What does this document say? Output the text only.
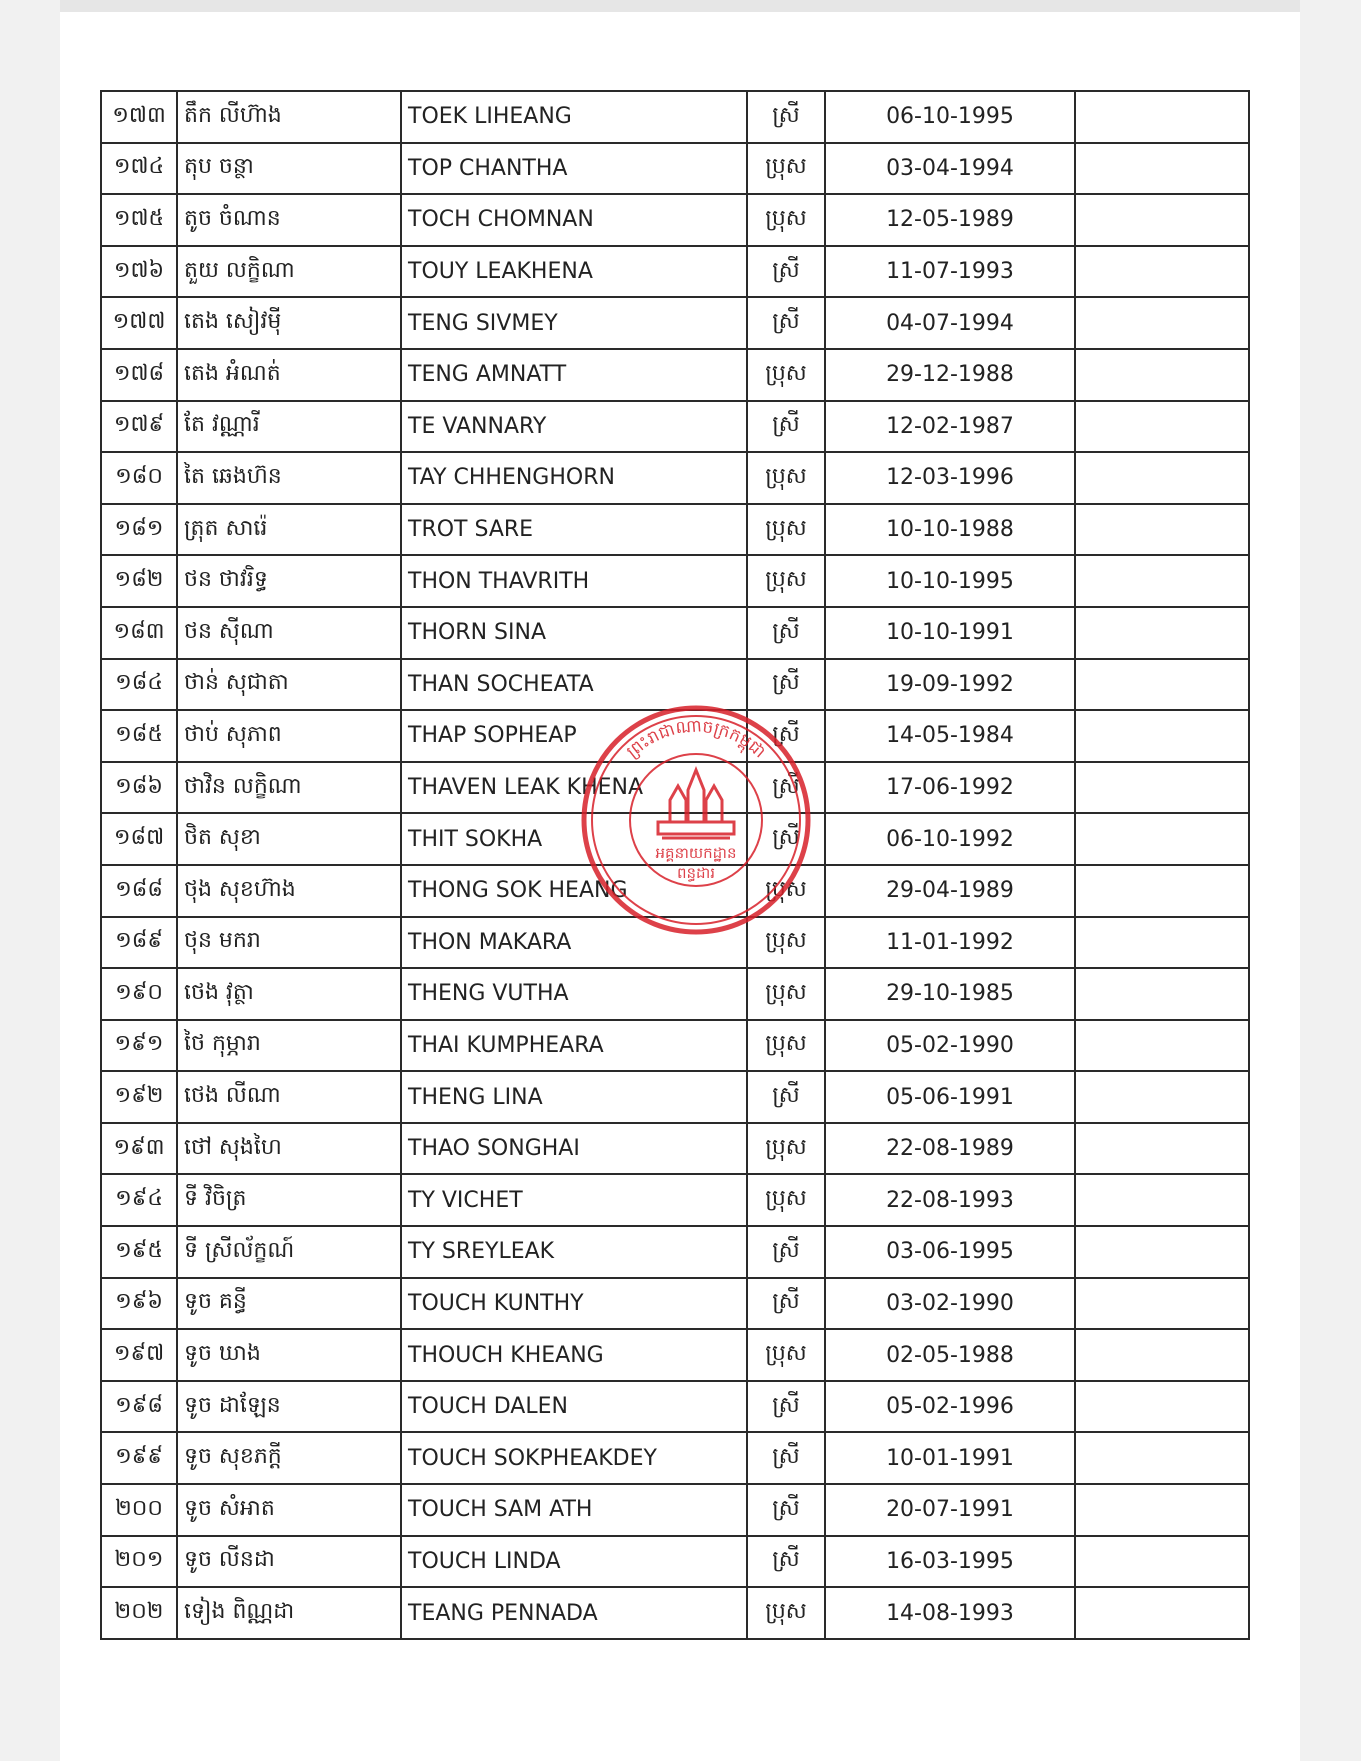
១៧៣	តឹក លីហ៊ាង	TOEK LIHEANG	ស្រី	06-10-1995	
១៧៤	តុប ចន្ថា	TOP CHANTHA	ប្រុស	03-04-1994	
១៧៥	តូច ចំណាន	TOCH CHOMNAN	ប្រុស	12-05-1989	
១៧៦	តួយ លក្ខិណា	TOUY LEAKHENA	ស្រី	11-07-1993	
១៧៧	តេង សៀវម៉ី	TENG SIVMEY	ស្រី	04-07-1994	
១៧៨	តេង អំណត់	TENG AMNATT	ប្រុស	29-12-1988	
១៧៩	តែ វណ្ណារី	TE VANNARY	ស្រី	12-02-1987	
១៨០	តៃ ឆេងហ៊ន	TAY CHHENGHORN	ប្រុស	12-03-1996	
១៨១	ត្រុត សារ៉េ	TROT SARE	ប្រុស	10-10-1988	
១៨២	ថន ថាវរិទ្ធ	THON THAVRITH	ប្រុស	10-10-1995	
១៨៣	ថន ស៊ីណា	THORN SINA	ស្រី	10-10-1991	
១៨៤	ថាន់ សុជាតា	THAN SOCHEATA	ស្រី	19-09-1992	
១៨៥	ថាប់ សុភាព	THAP SOPHEAP	ស្រី	14-05-1984	
១៨៦	ថាវិន លក្ខិណា	THAVEN LEAK KHENA	ស្រី	17-06-1992	
១៨៧	ថិត សុខា	THIT SOKHA	ស្រី	06-10-1992	
១៨៨	ថុង សុខហ៊ាង	THONG SOK HEANG	ប្រុស	29-04-1989	
១៨៩	ថុន មករា	THON MAKARA	ប្រុស	11-01-1992	
១៩០	ថេង វុត្ថា	THENG VUTHA	ប្រុស	29-10-1985	
១៩១	ថៃ កុម្ភារា	THAI KUMPHEARA	ប្រុស	05-02-1990	
១៩២	ថេង លីណា	THENG LINA	ស្រី	05-06-1991	
១៩៣	ថៅ សុងហៃ	THAO SONGHAI	ប្រុស	22-08-1989	
១៩៤	ទី វិចិត្រ	TY VICHET	ប្រុស	22-08-1993	
១៩៥	ទី ស្រីល័ក្ខណ៍	TY SREYLEAK	ស្រី	03-06-1995	
១៩៦	ទូច គន្ធី	TOUCH KUNTHY	ស្រី	03-02-1990	
១៩៧	ទូច ឃាង	THOUCH KHEANG	ប្រុស	02-05-1988	
១៩៨	ទូច ដាឡែន	TOUCH DALEN	ស្រី	05-02-1996	
១៩៩	ទូច សុខភក្តី	TOUCH SOKPHEAKDEY	ស្រី	10-01-1991	
២០០	ទូច សំអាត	TOUCH SAM ATH	ស្រី	20-07-1991	
២០១	ទូច លីនដា	TOUCH LINDA	ស្រី	16-03-1995	
២០២	ទៀង ពិណ្ណដា	TEANG PENNADA	ប្រុស	14-08-1993	
ព្រះរាជាណាចក្រកម្ពុជា
អគ្គនាយកដ្ឋាន
ពន្ធដារ
